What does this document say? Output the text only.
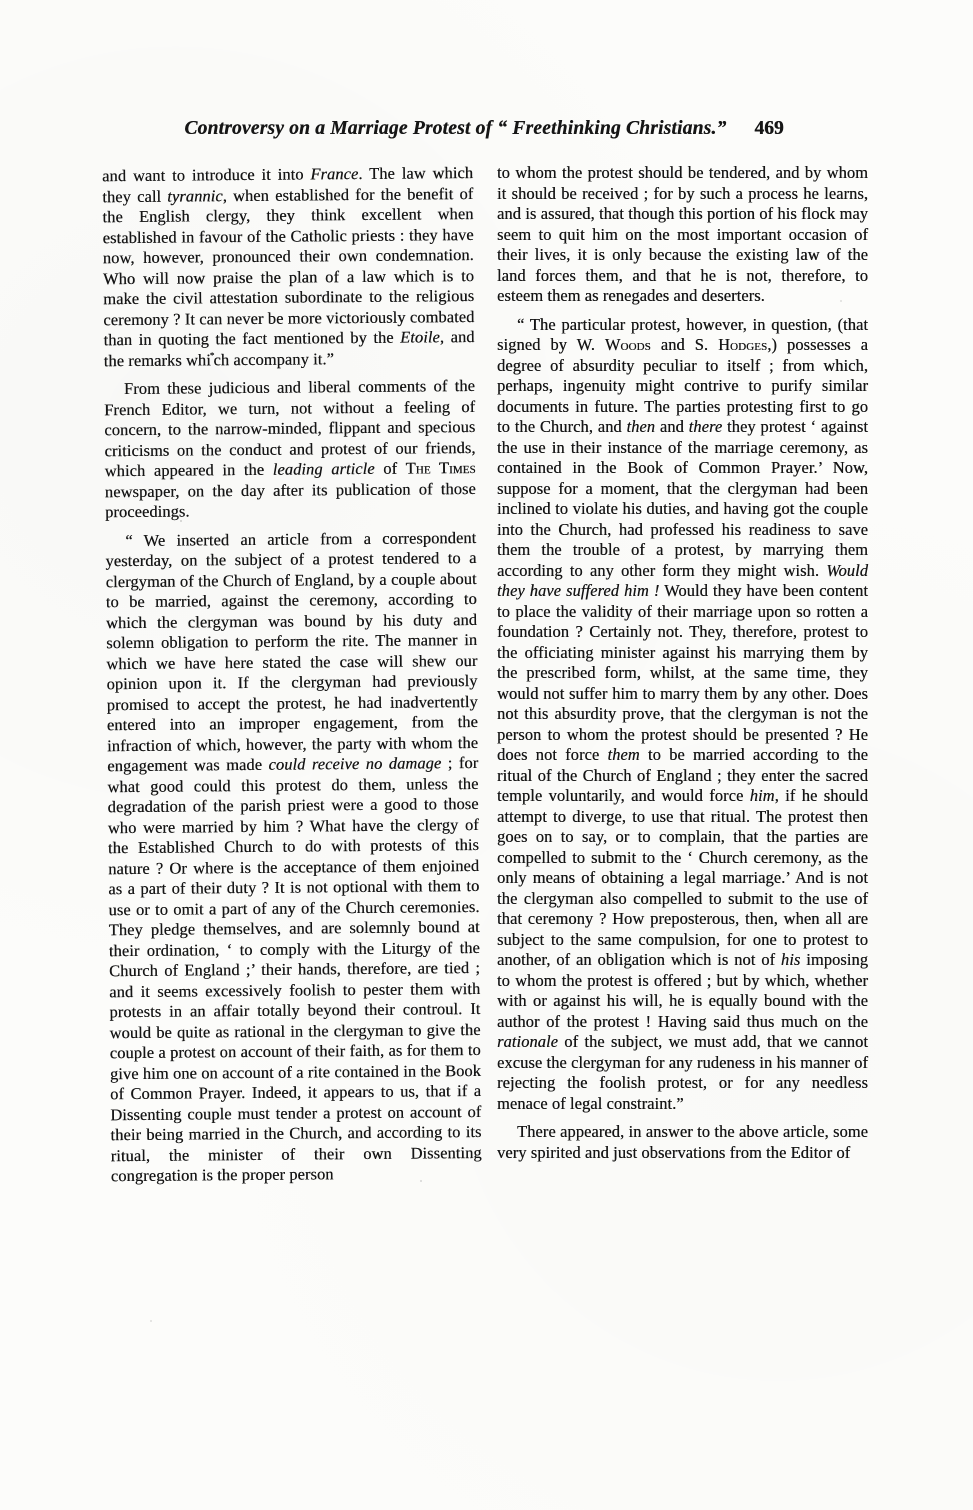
Controversy on a Marriage Protest of “ Freethinking Christians.” 469

and want to introduce it into France. The law which they call tyrannic, when established for the benefit of the English clergy, they think excellent when established in favour of the Catholic priests : they have now, however, pronounced their own condemnation. Who will now praise the plan of a law which is to make the civil attestation subordinate to the religious ceremony ? It can never be more victoriously combated than in quoting the fact mentioned by the Etoile, and the remarks whi*ch accompany it.”

From these judicious and liberal comments of the French Editor, we turn, not without a feeling of concern, to the narrow-minded, flippant and specious criticisms on the conduct and protest of our friends, which appeared in the leading article of The Times newspaper, on the day after its publication of those proceedings.

“ We inserted an article from a correspondent yesterday, on the subject of a protest tendered to a clergyman of the Church of England, by a couple about to be married, against the ceremony, according to which the clergyman was bound by his duty and solemn obligation to perform the rite. The manner in which we have here stated the case will shew our opinion upon it. If the clergyman had previously promised to accept the protest, he had inadvertently entered into an improper engagement, from the infraction of which, however, the party with whom the engagement was made could receive no damage ; for what good could this protest do them, unless the degradation of the parish priest were a good to those who were married by him ? What have the clergy of the Established Church to do with protests of this nature ? Or where is the acceptance of them enjoined as a part of their duty ? It is not optional with them to use or to omit a part of any of the Church ceremonies. They pledge themselves, and are solemnly bound at their ordination, ‘ to comply with the Liturgy of the Church of England ;’ their hands, therefore, are tied ; and it seems excessively foolish to pester them with protests in an affair totally beyond their controul. It would be quite as rational in the clergyman to give the couple a protest on account of their faith, as for them to give him one on account of a rite contained in the Book of Common Prayer. Indeed, it appears to us, that if a Dissenting couple must tender a protest on account of their being married in the Church, and according to its ritual, the minister of their own Dissenting congregation is the proper person

to whom the protest should be tendered, and by whom it should be received ; for by such a process he learns, and is assured, that though this portion of his flock may seem to quit him on the most important occasion of their lives, it is only because the existing law of the land forces them, and that he is not, therefore, to esteem them as renegades and deserters.

“ The particular protest, however, in question, (that signed by W. Woods and S. Hodges,) possesses a degree of absurdity peculiar to itself ; from which, perhaps, ingenuity might contrive to purify similar documents in future. The parties protesting first to go to the Church, and then and there they protest ‘ against the use in their instance of the marriage ceremony, as contained in the Book of Common Prayer.’ Now, suppose for a moment, that the clergyman had been inclined to violate his duties, and having got the couple into the Church, had professed his readiness to save them the trouble of a protest, by marrying them according to any other form they might wish. Would they have suffered him ! Would they have been content to place the validity of their marriage upon so rotten a foundation ? Certainly not. They, therefore, protest to the officiating minister against his marrying them by the prescribed form, whilst, at the same time, they would not suffer him to marry them by any other. Does not this absurdity prove, that the clergyman is not the person to whom the protest should be presented ? He does not force them to be married according to the ritual of the Church of England ; they enter the sacred temple voluntarily, and would force him, if he should attempt to diverge, to use that ritual. The protest then goes on to say, or to complain, that the parties are compelled to submit to the ‘ Church ceremony, as the only means of obtaining a legal marriage.’ And is not the clergyman also compelled to submit to the use of that ceremony ? How preposterous, then, when all are subject to the same compulsion, for one to protest to another, of an obligation which is not of his imposing to whom the protest is offered ; but by which, whether with or against his will, he is equally bound with the author of the protest ! Having said thus much on the rationale of the subject, we must add, that we cannot excuse the clergyman for any rudeness in his manner of rejecting the foolish protest, or for any needless menace of legal constraint.”

There appeared, in answer to the above article, some very spirited and just observations from the Editor of
